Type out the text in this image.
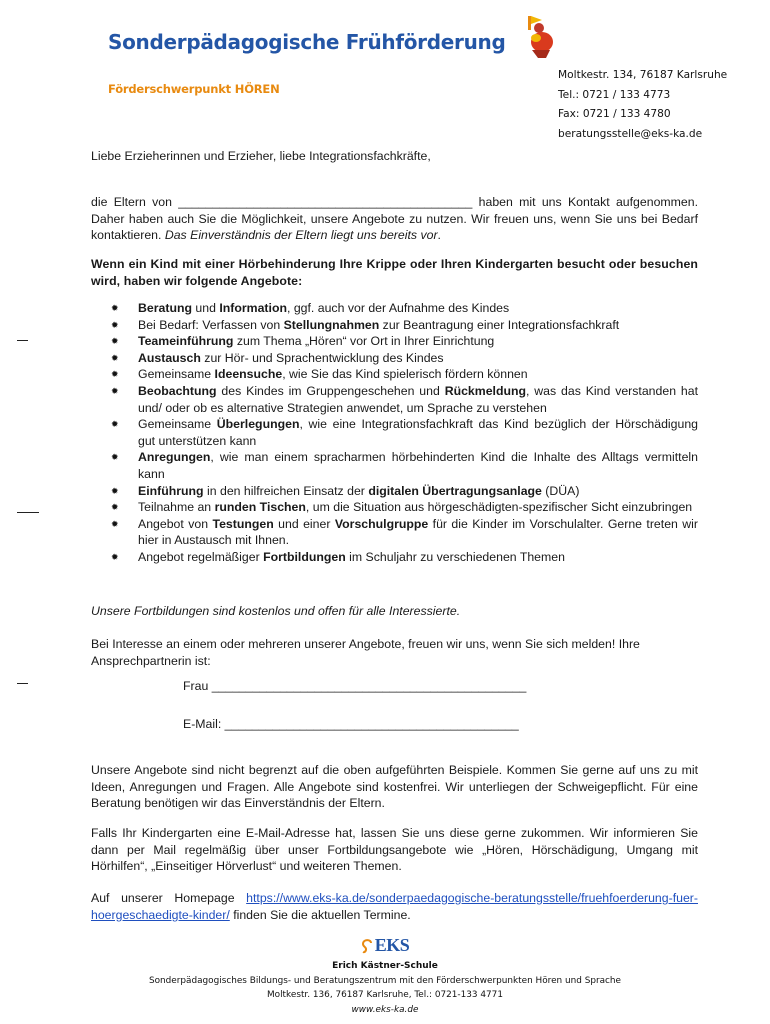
Sonderpädagogische Frühförderung
Förderschwerpunkt HÖREN
Moltkestr. 134, 76187 Karlsruhe
Tel.: 0721 / 133 4773
Fax: 0721 / 133 4780
beratungsstelle@eks-ka.de
Liebe Erzieherinnen und Erzieher, liebe Integrationsfachkräfte,
die Eltern von ___________________________________________ haben mit uns Kontakt aufgenommen. Daher haben auch Sie die Möglichkeit, unsere Angebote zu nutzen. Wir freuen uns, wenn Sie uns bei Bedarf kontaktieren. Das Einverständnis der Eltern liegt uns bereits vor.
Wenn ein Kind mit einer Hörbehinderung Ihre Krippe oder Ihren Kindergarten besucht oder besuchen wird, haben wir folgende Angebote:
✹ Beratung und Information, ggf. auch vor der Aufnahme des Kindes
✹ Bei Bedarf: Verfassen von Stellungnahmen zur Beantragung einer Integrationsfachkraft
✹ Teameinführung zum Thema „Hören“ vor Ort in Ihrer Einrichtung
✹ Austausch zur Hör- und Sprachentwicklung des Kindes
✹ Gemeinsame Ideensuche, wie Sie das Kind spielerisch fördern können
✹ Beobachtung des Kindes im Gruppengeschehen und Rückmeldung, was das Kind verstanden hat und/ oder ob es alternative Strategien anwendet, um Sprache zu verstehen
✹ Gemeinsame Überlegungen, wie eine Integrationsfachkraft das Kind bezüglich der Hörschädigung gut unterstützen kann
✹ Anregungen, wie man einem spracharmen hörbehinderten Kind die Inhalte des Alltags vermitteln kann
✹ Einführung in den hilfreichen Einsatz der digitalen Übertragungsanlage (DÜA)
✹ Teilnahme an runden Tischen, um die Situation aus hörgeschädigten-spezifischer Sicht einzubringen
✹ Angebot von Testungen und einer Vorschulgruppe für die Kinder im Vorschulalter. Gerne treten wir hier in Austausch mit Ihnen.
✹ Angebot regelmäßiger Fortbildungen im Schuljahr zu verschiedenen Themen
Unsere Fortbildungen sind kostenlos und offen für alle Interessierte.
Bei Interesse an einem oder mehreren unserer Angebote, freuen wir uns, wenn Sie sich melden! Ihre Ansprechpartnerin ist:
Frau ______________________________________________
E-Mail: ___________________________________________
Unsere Angebote sind nicht begrenzt auf die oben aufgeführten Beispiele. Kommen Sie gerne auf uns zu mit Ideen, Anregungen und Fragen. Alle Angebote sind kostenfrei. Wir unterliegen der Schweigepflicht. Für eine Beratung benötigen wir das Einverständnis der Eltern.
Falls Ihr Kindergarten eine E-Mail-Adresse hat, lassen Sie uns diese gerne zukommen. Wir informieren Sie dann per Mail regelmäßig über unser Fortbildungsangebote wie „Hören, Hörschädigung, Umgang mit Hörhilfen“, „Einseitiger Hörverlust“ und weiteren Themen.
Auf unserer Homepage https://www.eks-ka.de/sonderpaedagogische-beratungsstelle/fruehfoerderung-fuer-hoergeschaedigte-kinder/ finden Sie die aktuellen Termine.
EKS
Erich Kästner-Schule
Sonderpädagogisches Bildungs- und Beratungszentrum mit den Förderschwerpunkten Hören und Sprache
Moltkestr. 136, 76187 Karlsruhe, Tel.: 0721-133 4771
www.eks-ka.de
